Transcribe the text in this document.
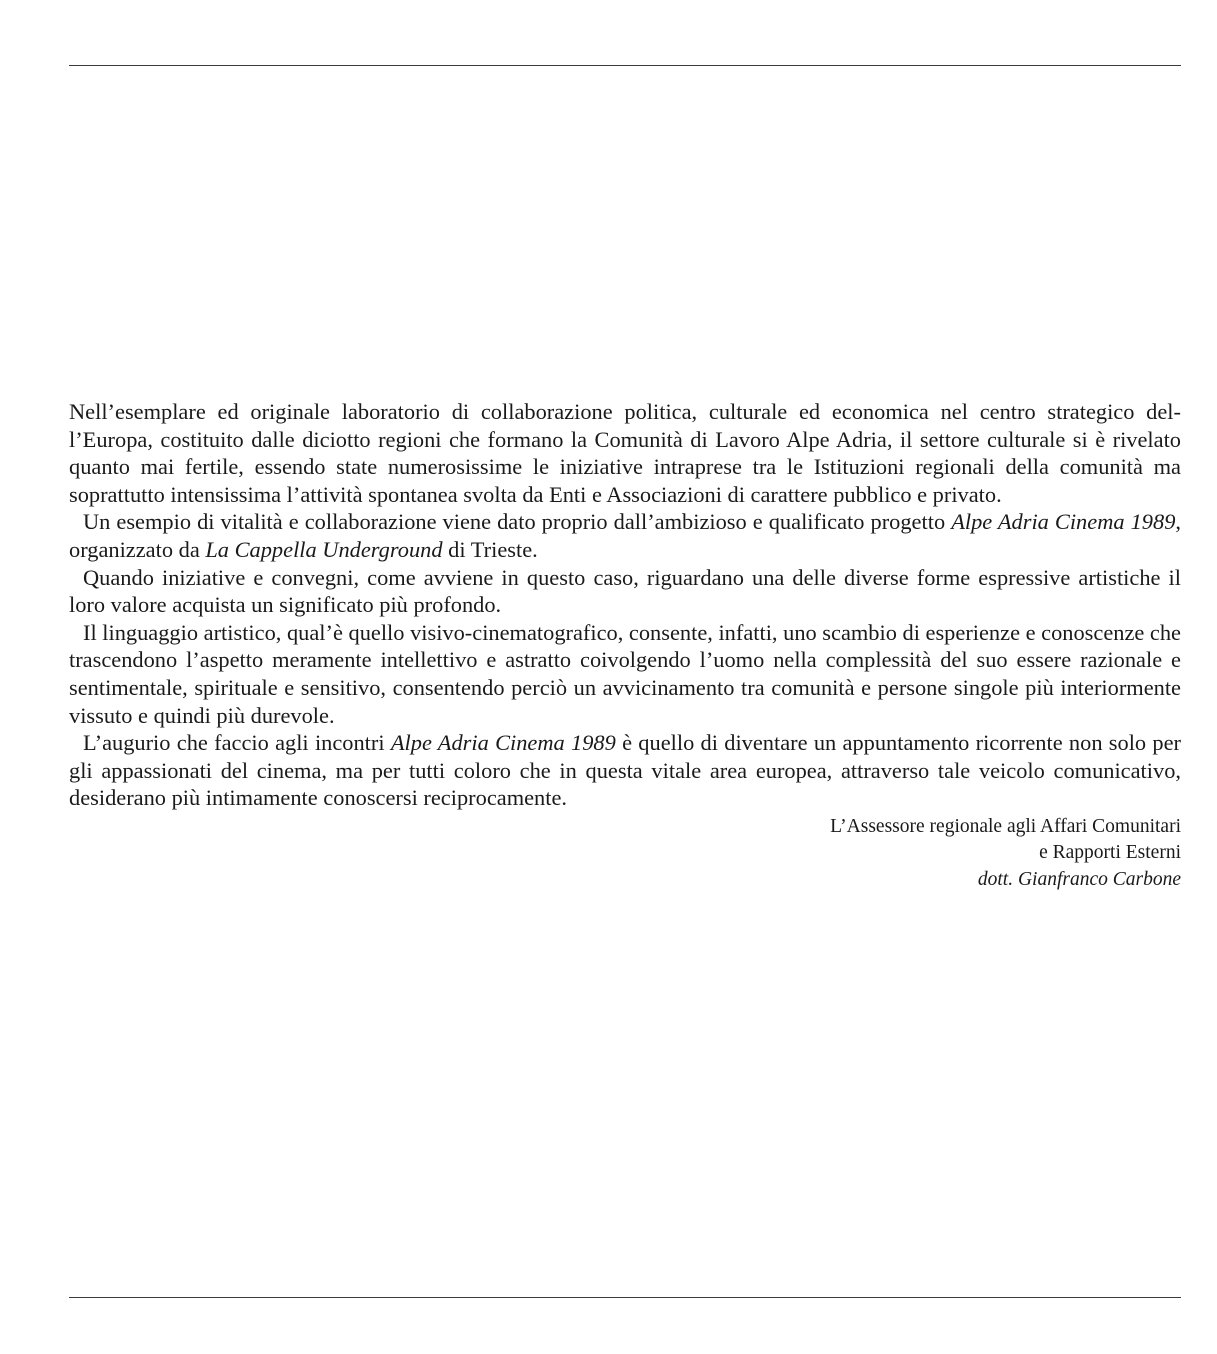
Nell’esemplare ed originale laboratorio di collaborazione politica, culturale ed economica nel centro strategico del-l’Europa, costituito dalle diciotto regioni che formano la Comunità di Lavoro Alpe Adria, il settore culturale si è rivelato quanto mai fertile, essendo state numerosissime le iniziative intraprese tra le Istituzioni regionali della comunità ma soprattutto intensissima l’attività spontanea svolta da Enti e Associazioni di carattere pubblico e privato.

Un esempio di vitalità e collaborazione viene dato proprio dall’ambizioso e qualificato progetto Alpe Adria Cinema 1989, organizzato da La Cappella Underground di Trieste.

Quando iniziative e convegni, come avviene in questo caso, riguardano una delle diverse forme espressive artistiche il loro valore acquista un significato più profondo.

Il linguaggio artistico, qual’è quello visivo-cinematografico, consente, infatti, uno scambio di esperienze e conoscenze che trascendono l’aspetto meramente intellettivo e astratto coivolgendo l’uomo nella complessità del suo essere razionale e sentimentale, spirituale e sensitivo, consentendo perciò un avvicinamento tra comunità e persone singole più interiormente vissuto e quindi più durevole.

L’augurio che faccio agli incontri Alpe Adria Cinema 1989 è quello di diventare un appuntamento ricorrente non solo per gli appassionati del cinema, ma per tutti coloro che in questa vitale area europea, attraverso tale veicolo comunicativo, desiderano più intimamente conoscersi reciprocamente.

L’Assessore regionale agli Affari Comunitari
e Rapporti Esterni
dott. Gianfranco Carbone
